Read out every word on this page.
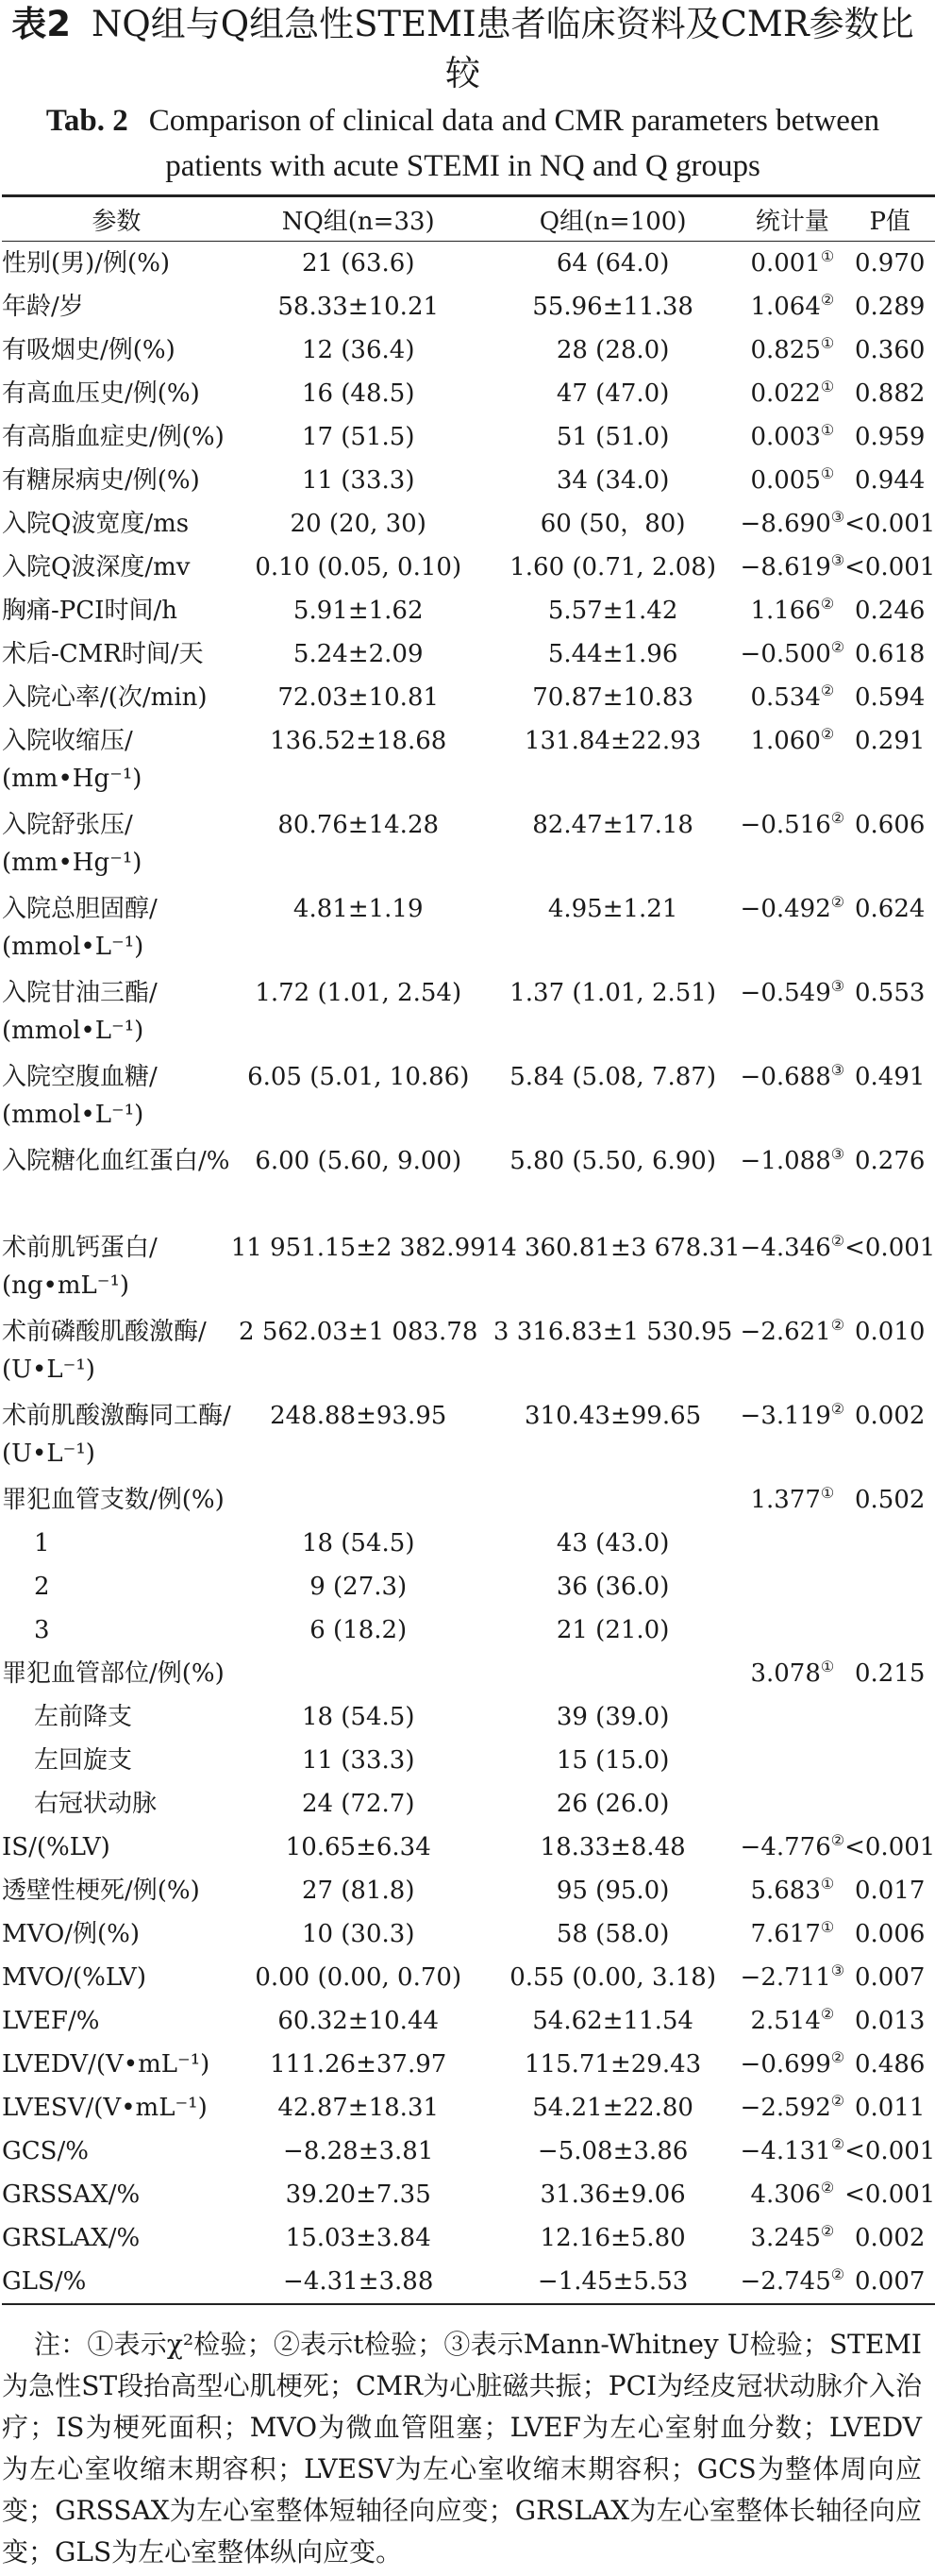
表2 NQ组与Q组急性STEMI患者临床资料及CMR参数比较
Tab. 2 Comparison of clinical data and CMR parameters between patients with acute STEMI in NQ and Q groups
参数	NQ组(n=33)	Q组(n=100)	统计量	P值
性别(男)/例(%)	21 (63.6)	64 (64.0)	0.001①	0.970
年龄/岁	58.33±10.21	55.96±11.38	1.064②	0.289
有吸烟史/例(%)	12 (36.4)	28 (28.0)	0.825①	0.360
有高血压史/例(%)	16 (48.5)	47 (47.0)	0.022①	0.882
有高脂血症史/例(%)	17 (51.5)	51 (51.0)	0.003①	0.959
有糖尿病史/例(%)	11 (33.3)	34 (34.0)	0.005①	0.944
入院Q波宽度/ms	20 (20, 30)	60 (50，80)	−8.690③	<0.001
入院Q波深度/mv	0.10 (0.05, 0.10)	1.60 (0.71, 2.08)	−8.619③	<0.001
胸痛-PCI时间/h	5.91±1.62	5.57±1.42	1.166②	0.246
术后-CMR时间/天	5.24±2.09	5.44±1.96	−0.500②	0.618
入院心率/(次/min)	72.03±10.81	70.87±10.83	0.534②	0.594
入院收缩压/
(mm•Hg⁻¹)	136.52±18.68	131.84±22.93	1.060②	0.291
入院舒张压/
(mm•Hg⁻¹)	80.76±14.28	82.47±17.18	−0.516②	0.606
入院总胆固醇/
(mmol•L⁻¹)	4.81±1.19	4.95±1.21	−0.492②	0.624
入院甘油三酯/
(mmol•L⁻¹)	1.72 (1.01, 2.54)	1.37 (1.01, 2.51)	−0.549③	0.553
入院空腹血糖/
(mmol•L⁻¹)	6.05 (5.01, 10.86)	5.84 (5.08, 7.87)	−0.688③	0.491
入院糖化血红蛋白/%	6.00 (5.60, 9.00)	5.80 (5.50, 6.90)	−1.088③	0.276

术前肌钙蛋白/
(ng•mL⁻¹)	11 951.15±2 382.99	14 360.81±3 678.31	−4.346②	<0.001
术前磷酸肌酸激酶/
(U•L⁻¹)	2 562.03±1 083.78	3 316.83±1 530.95	−2.621②	0.010
术前肌酸激酶同工酶/
(U•L⁻¹)	248.88±93.95	310.43±99.65	−3.119②	0.002
罪犯血管支数/例(%)			1.377①	0.502
1	18 (54.5)	43 (43.0)		
2	9 (27.3)	36 (36.0)		
3	6 (18.2)	21 (21.0)		
罪犯血管部位/例(%)			3.078①	0.215
左前降支	18 (54.5)	39 (39.0)		
左回旋支	11 (33.3)	15 (15.0)		
右冠状动脉	24 (72.7)	26 (26.0)		
IS/(%LV)	10.65±6.34	18.33±8.48	−4.776②	<0.001
透壁性梗死/例(%)	27 (81.8)	95 (95.0)	5.683①	0.017
MVO/例(%)	10 (30.3)	58 (58.0)	7.617①	0.006
MVO/(%LV)	0.00 (0.00, 0.70)	0.55 (0.00, 3.18)	−2.711③	0.007
LVEF/%	60.32±10.44	54.62±11.54	2.514②	0.013
LVEDV/(V•mL⁻¹)	111.26±37.97	115.71±29.43	−0.699②	0.486
LVESV/(V•mL⁻¹)	42.87±18.31	54.21±22.80	−2.592②	0.011
GCS/%	−8.28±3.81	−5.08±3.86	−4.131②	<0.001
GRSSAX/%	39.20±7.35	31.36±9.06	4.306②	<0.001
GRSLAX/%	15.03±3.84	12.16±5.80	3.245②	0.002
GLS/%	−4.31±3.88	−1.45±5.53	−2.745②	0.007
注：①表示χ²检验；②表示t检验；③表示Mann-Whitney U检验；STEMI为急性ST段抬高型心肌梗死；CMR为心脏磁共振；PCI为经皮冠状动脉介入治疗；IS为梗死面积；MVO为微血管阻塞；LVEF为左心室射血分数；LVEDV为左心室收缩末期容积；LVESV为左心室收缩末期容积；GCS为整体周向应变；GRSSAX为左心室整体短轴径向应变；GRSLAX为左心室整体长轴径向应变；GLS为左心室整体纵向应变。
